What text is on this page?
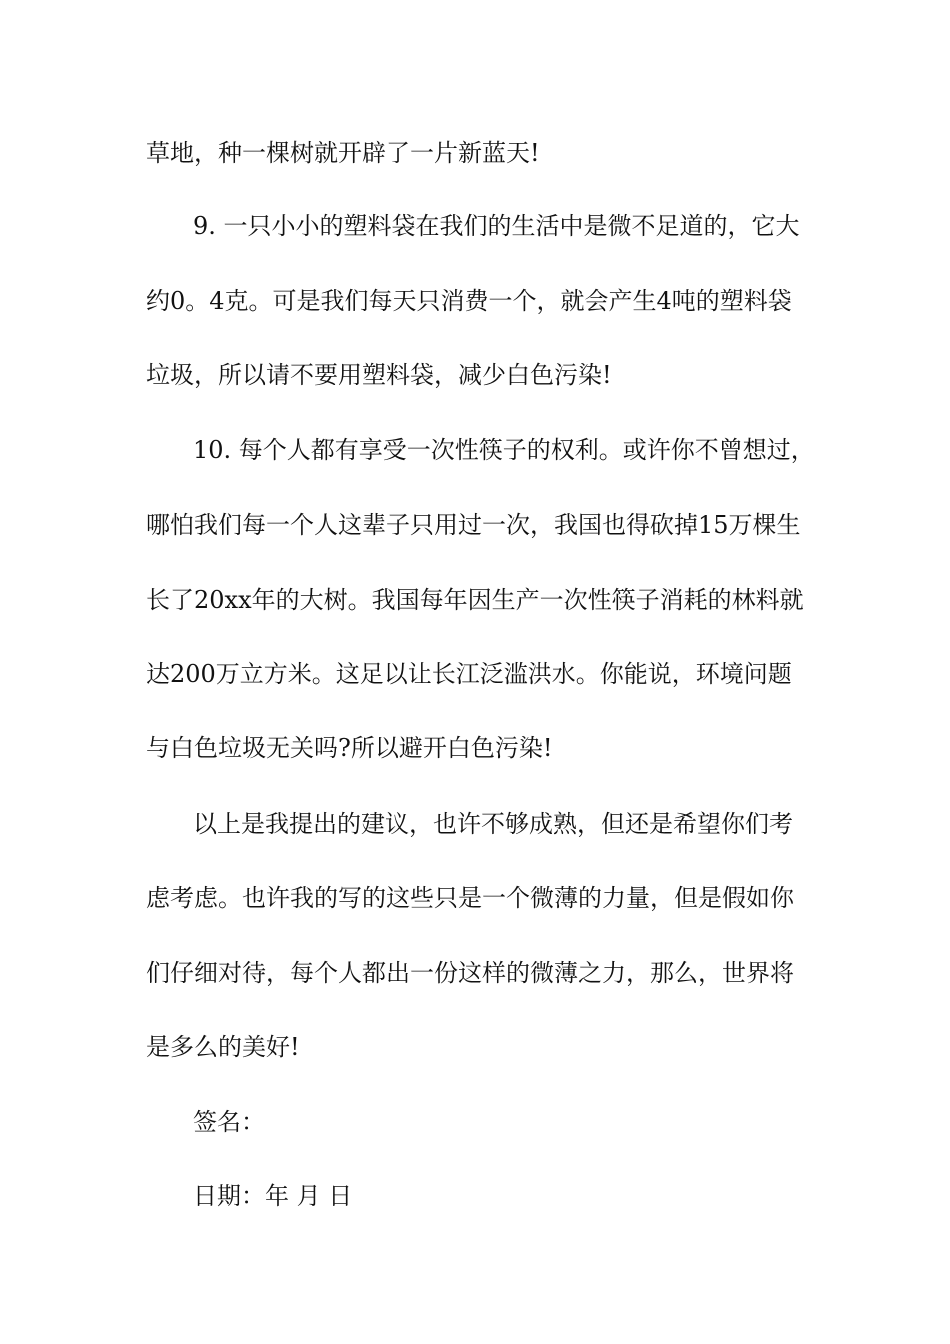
草地，种一棵树就开辟了一片新蓝天!
9. 一只小小的塑料袋在我们的生活中是微不足道的，它大
约0。4克。可是我们每天只消费一个，就会产生4吨的塑料袋
垃圾，所以请不要用塑料袋，减少白色污染!
10. 每个人都有享受一次性筷子的权利。或许你不曾想过，
哪怕我们每一个人这辈子只用过一次，我国也得砍掉15万棵生
长了20xx年的大树。我国每年因生产一次性筷子消耗的林料就
达200万立方米。这足以让长江泛滥洪水。你能说，环境问题
与白色垃圾无关吗?所以避开白色污染!
以上是我提出的建议，也许不够成熟，但还是希望你们考
虑考虑。也许我的写的这些只是一个微薄的力量，但是假如你
们仔细对待，每个人都出一份这样的微薄之力，那么，世界将
是多么的美好!
签名：
日期：年 月 日
